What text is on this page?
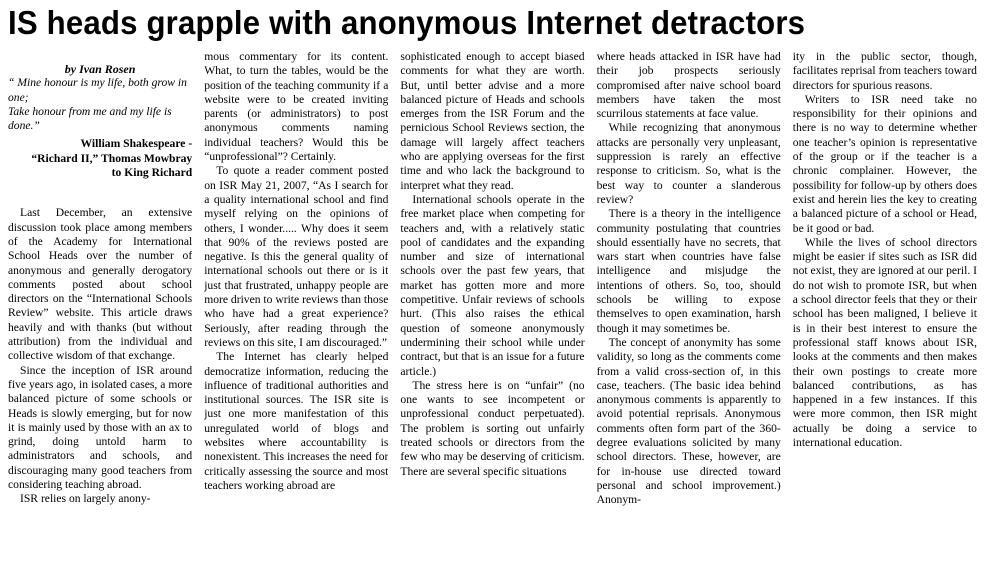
IS heads grapple with anonymous Internet detractors
by Ivan Rosen

“ Mine honour is my life, both grow in one;

Take honour from me and my life is done.”

William Shakespeare -
“Richard II,” Thomas Mowbray
to King Richard

Last December, an extensive discussion took place among members of the Academy for International School Heads over the number of anonymous and generally derogatory comments posted about school directors on the “International Schools Review” website. This article draws heavily and with thanks (but without attribution) from the individual and collective wisdom of that exchange.

Since the inception of ISR around five years ago, in isolated cases, a more balanced picture of some schools or Heads is slowly emerging, but for now it is mainly used by those with an ax to grind, doing untold harm to administrators and schools, and discouraging many good teachers from considering teaching abroad.

ISR relies on largely anony-

mous commentary for its content. What, to turn the tables, would be the position of the teaching community if a website were to be created inviting parents (or administrators) to post anonymous comments naming individual teachers? Would this be “unprofessional”? Certainly.

To quote a reader comment posted on ISR May 21, 2007, “As I search for a quality international school and find myself relying on the opinions of others, I wonder..... Why does it seem that 90% of the reviews posted are negative. Is this the general quality of international schools out there or is it just that frustrated, unhappy people are more driven to write reviews than those who have had a great experience? Seriously, after reading through the reviews on this site, I am discouraged.”

The Internet has clearly helped democratize information, reducing the influence of traditional authorities and institutional sources. The ISR site is just one more manifestation of this unregulated world of blogs and websites where accountability is nonexistent. This increases the need for critically assessing the source and most teachers working abroad are

sophisticated enough to accept biased comments for what they are worth. But, until better advise and a more balanced picture of Heads and schools emerges from the ISR Forum and the pernicious School Reviews section, the damage will largely affect teachers who are applying overseas for the first time and who lack the background to interpret what they read.

International schools operate in the free market place when competing for teachers and, with a relatively static pool of candidates and the expanding number and size of international schools over the past few years, that market has gotten more and more competitive. Unfair reviews of schools hurt. (This also raises the ethical question of someone anonymously undermining their school while under contract, but that is an issue for a future article.)

The stress here is on “unfair” (no one wants to see incompetent or unprofessional conduct perpetuated). The problem is sorting out unfairly treated schools or directors from the few who may be deserving of criticism. There are several specific situations

where heads attacked in ISR have had their job prospects seriously compromised after naive school board members have taken the most scurrilous statements at face value.

While recognizing that anonymous attacks are personally very unpleasant, suppression is rarely an effective response to criticism. So, what is the best way to counter a slanderous review?

There is a theory in the intelligence community postulating that countries should essentially have no secrets, that wars start when countries have false intelligence and misjudge the intentions of others. So, too, should schools be willing to expose themselves to open examination, harsh though it may sometimes be.

The concept of anonymity has some validity, so long as the comments come from a valid cross-section of, in this case, teachers. (The basic idea behind anonymous comments is apparently to avoid potential reprisals. Anonymous comments often form part of the 360-degree evaluations solicited by many school directors. These, however, are for in-house use directed toward personal and school improvement.) Anonym-

ity in the public sector, though, facilitates reprisal from teachers toward directors for spurious reasons.

Writers to ISR need take no responsibility for their opinions and there is no way to determine whether one teacher’s opinion is representative of the group or if the teacher is a chronic complainer. However, the possibility for follow-up by others does exist and herein lies the key to creating a balanced picture of a school or Head, be it good or bad.

While the lives of school directors might be easier if sites such as ISR did not exist, they are ignored at our peril. I do not wish to promote ISR, but when a school director feels that they or their school has been maligned, I believe it is in their best interest to ensure the professional staff knows about ISR, looks at the comments and then makes their own postings to create more balanced contributions, as has happened in a few instances. If this were more common, then ISR might actually be doing a service to international education.
